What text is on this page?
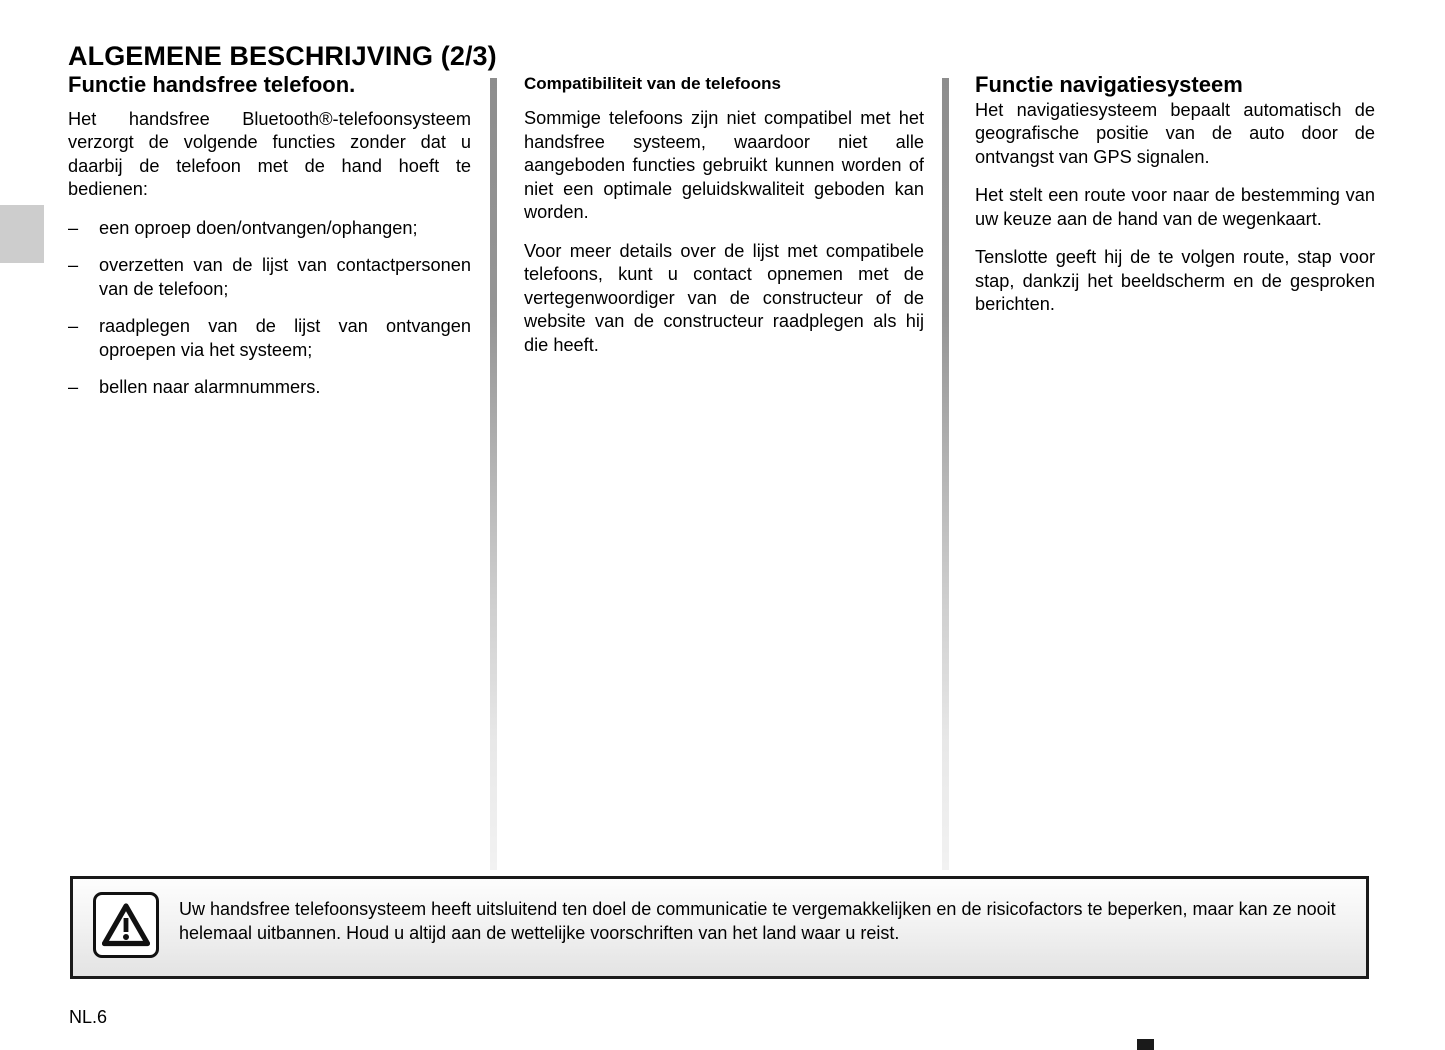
ALGEMENE BESCHRIJVING (2/3)
Functie handsfree telefoon.

Het handsfree Bluetooth®-telefoonsysteem verzorgt de volgende functies zonder dat u daarbij de telefoon met de hand hoeft te bedienen:

– een oproep doen/ontvangen/ophangen;
– overzetten van de lijst van contactpersonen van de telefoon;
– raadplegen van de lijst van ontvangen oproepen via het systeem;
– bellen naar alarmnummers.
Compatibiliteit van de telefoons

Sommige telefoons zijn niet compatibel met het handsfree systeem, waardoor niet alle aangeboden functies gebruikt kunnen worden of niet een optimale geluidskwaliteit geboden kan worden.

Voor meer details over de lijst met compatibele telefoons, kunt u contact opnemen met de vertegenwoordiger van de constructeur of de website van de constructeur raadplegen als hij die heeft.

Functie navigatiesysteem

Het navigatiesysteem bepaalt automatisch de geografische positie van de auto door de ontvangst van GPS signalen.

Het stelt een route voor naar de bestemming van uw keuze aan de hand van de wegenkaart.

Tenslotte geeft hij de te volgen route, stap voor stap, dankzij het beeldscherm en de gesproken berichten.

Uw handsfree telefoonsysteem heeft uitsluitend ten doel de communicatie te vergemakkelijken en de risicofactors te beperken, maar kan ze nooit helemaal uitbannen. Houd u altijd aan de wettelijke voorschriften van het land waar u reist.
NL.6
